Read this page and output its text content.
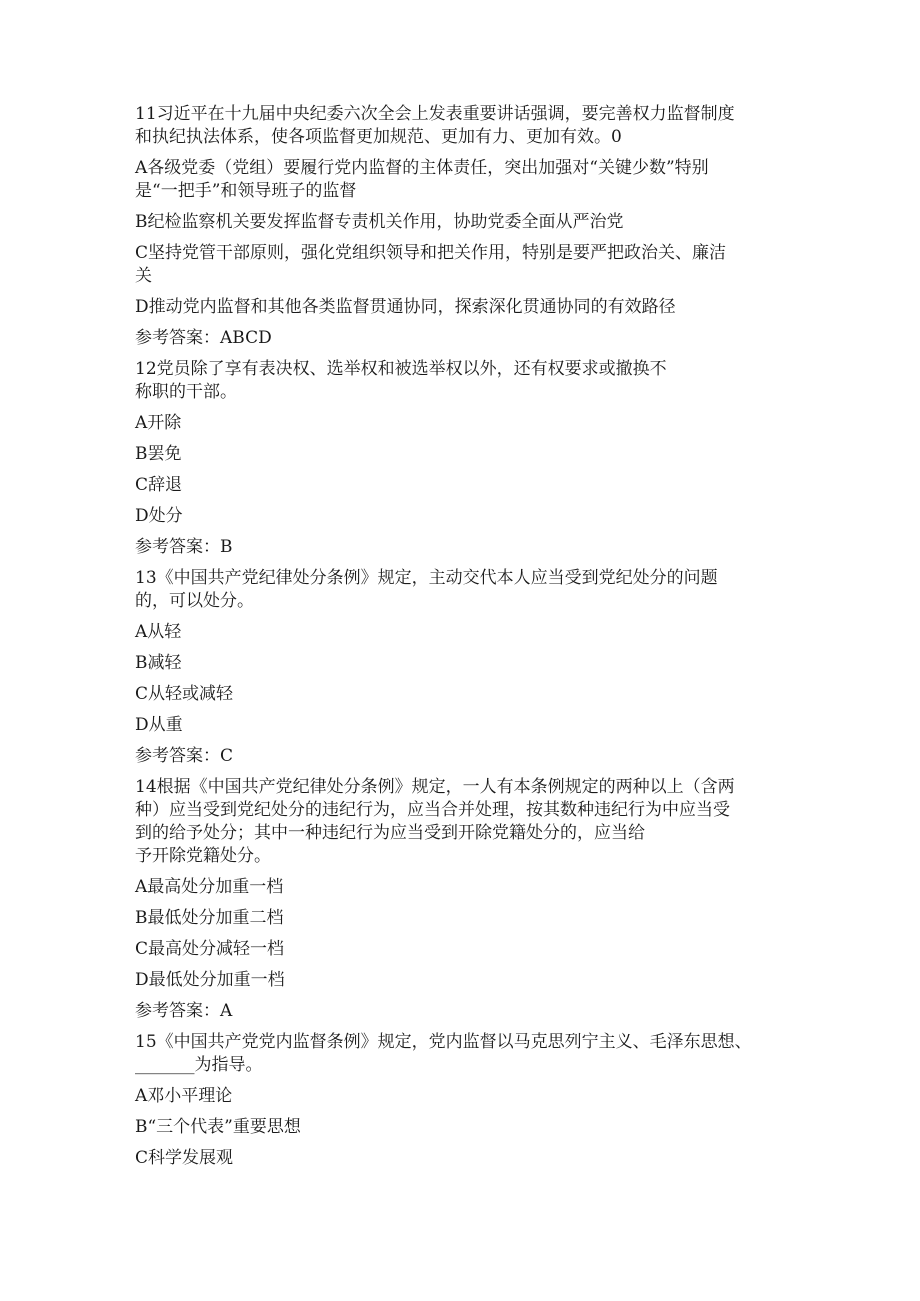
11习近平在十九届中央纪委六次全会上发表重要讲话强调，要完善权力监督制度
和执纪执法体系，使各项监督更加规范、更加有力、更加有效。0
A各级党委（党组）要履行党内监督的主体责任，突出加强对“关键少数”特别
是“一把手”和领导班子的监督
B纪检监察机关要发挥监督专责机关作用，协助党委全面从严治党
C坚持党管干部原则，强化党组织领导和把关作用，特别是要严把政治关、廉洁
关
D推动党内监督和其他各类监督贯通协同，探索深化贯通协同的有效路径
参考答案：ABCD
12党员除了享有表决权、选举权和被选举权以外，还有权要求或撤换不
称职的干部。
A开除
B罢免
C辞退
D处分
参考答案：B
13《中国共产党纪律处分条例》规定，主动交代本人应当受到党纪处分的问题
的，可以处分。
A从轻
B减轻
C从轻或减轻
D从重
参考答案：C
14根据《中国共产党纪律处分条例》规定，一人有本条例规定的两种以上（含两
种）应当受到党纪处分的违纪行为，应当合并处理，按其数种违纪行为中应当受
到的给予处分；其中一种违纪行为应当受到开除党籍处分的，应当给
予开除党籍处分。
A最高处分加重一档
B最低处分加重二档
C最高处分减轻一档
D最低处分加重一档
参考答案：A
15《中国共产党党内监督条例》规定，党内监督以马克思列宁主义、毛泽东思想、
_______为指导。
A邓小平理论
B“三个代表”重要思想
C科学发展观
